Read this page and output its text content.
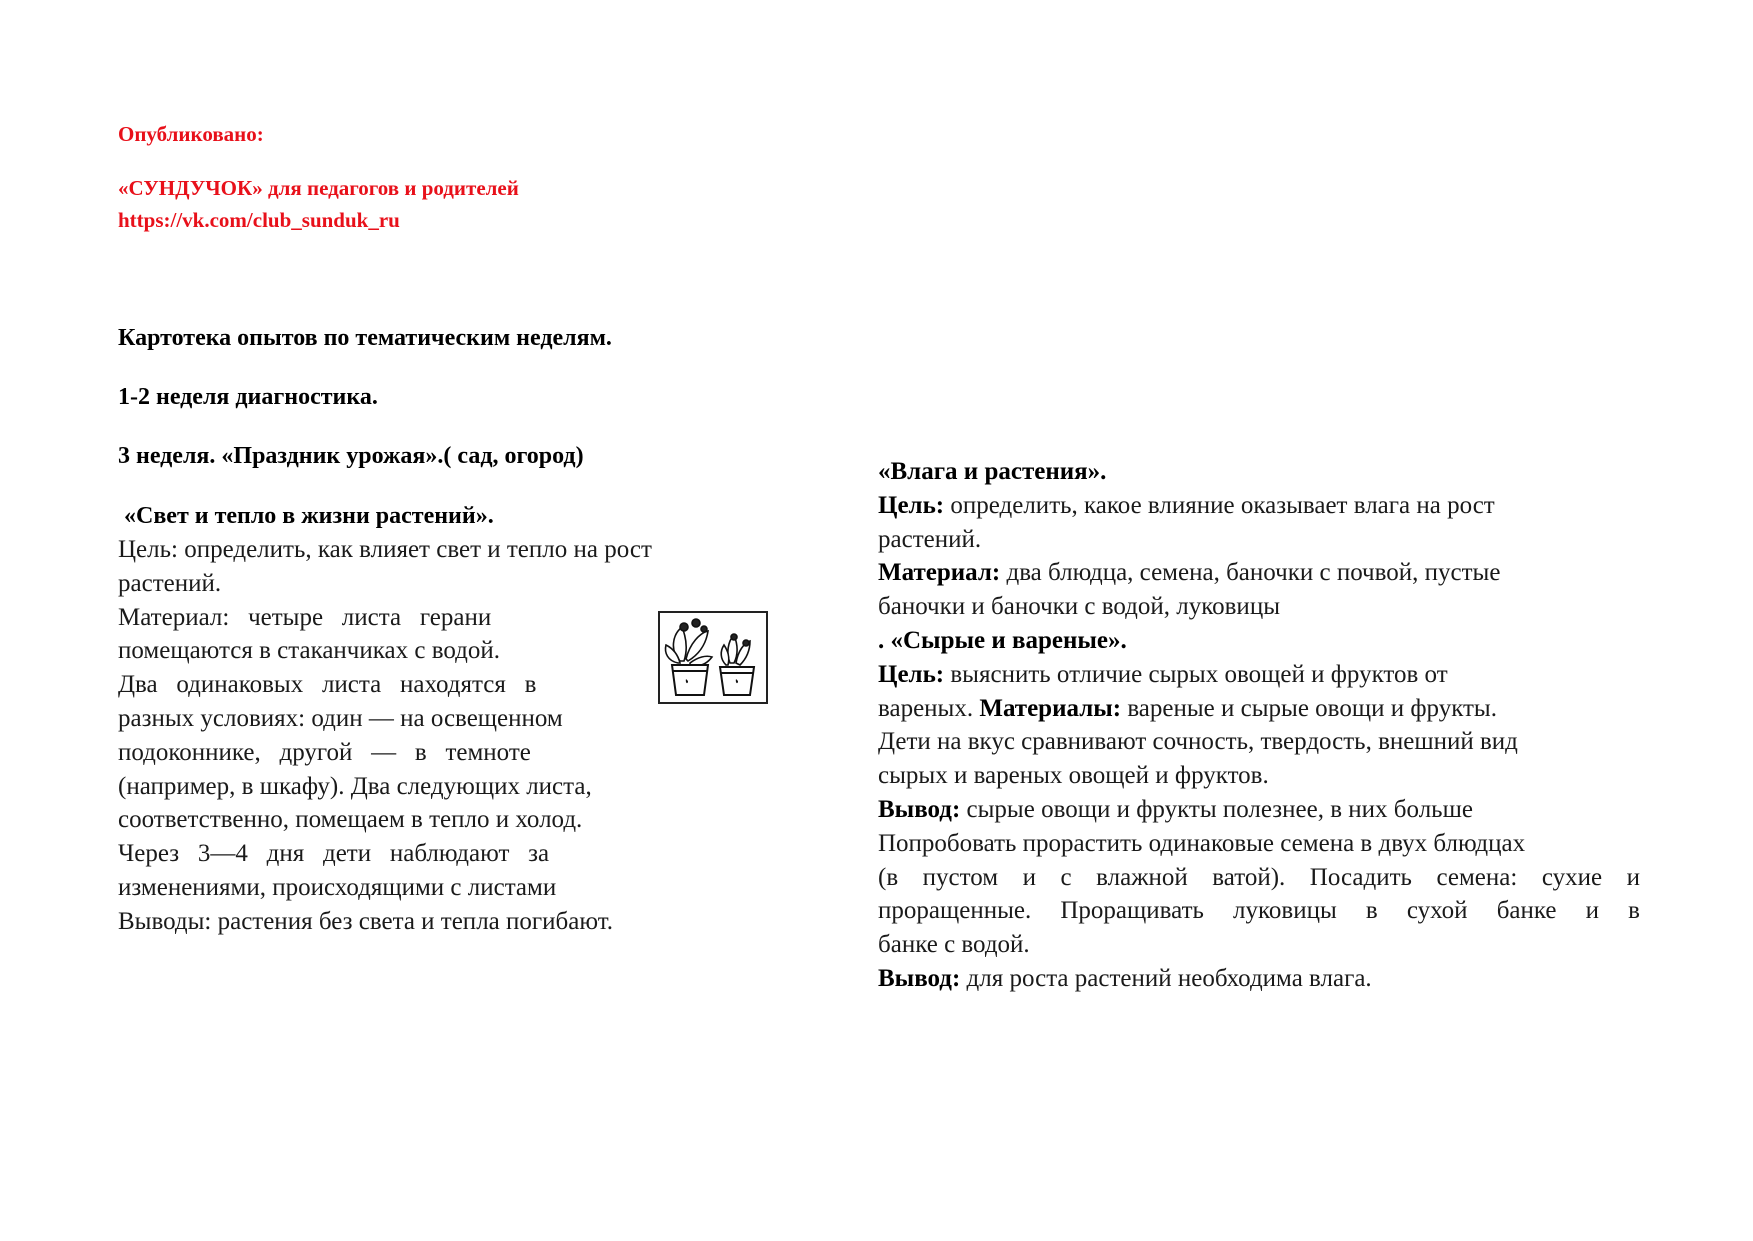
Опубликовано:
«СУНДУЧОК» для педагогов и родителей
https://vk.com/club_sunduk_ru
Картотека опытов по тематическим неделям.
1-2 неделя диагностика.
3 неделя. «Праздник урожая».( сад, огород)
«Свет и тепло в жизни растений».

Цель: определить, как влияет свет и тепло на рост

растений.

Материал:   четыре   листа   герани

помещаются в стаканчиках с водой.

Два   одинаковых   листа   находятся   в

разных условиях: один — на освещенном

подоконнике,   другой   —   в   темноте

(например, в шкафу). Два следующих листа,

соответственно, помещаем в тепло и холод.

Через   3—4   дня   дети   наблюдают   за

изменениями, происходящими с листами

Выводы: растения без света и тепла погибают.

«Влага и растения».

Цель: определить, какое влияние оказывает влага на рост

растений.

Материал: два блюдца, семена, баночки с почвой, пустые

баночки и баночки с водой, луковицы

. «Сырые и вареные».

Цель: выяснить отличие сырых овощей и фруктов от

вареных. Материалы: вареные и сырые овощи и фрукты.

Дети на вкус сравнивают сочность, твердость, внешний вид

сырых и вареных овощей и фруктов.

Вывод: сырые овощи и фрукты полезнее, в них больше

Попробовать прорастить одинаковые семена в двух блюдцах

(в пустом и с влажной ватой). Посадить семена: сухие и

проращенные. Проращивать луковицы в сухой банке и в

банке с водой.

Вывод: для роста растений необходима влага.
